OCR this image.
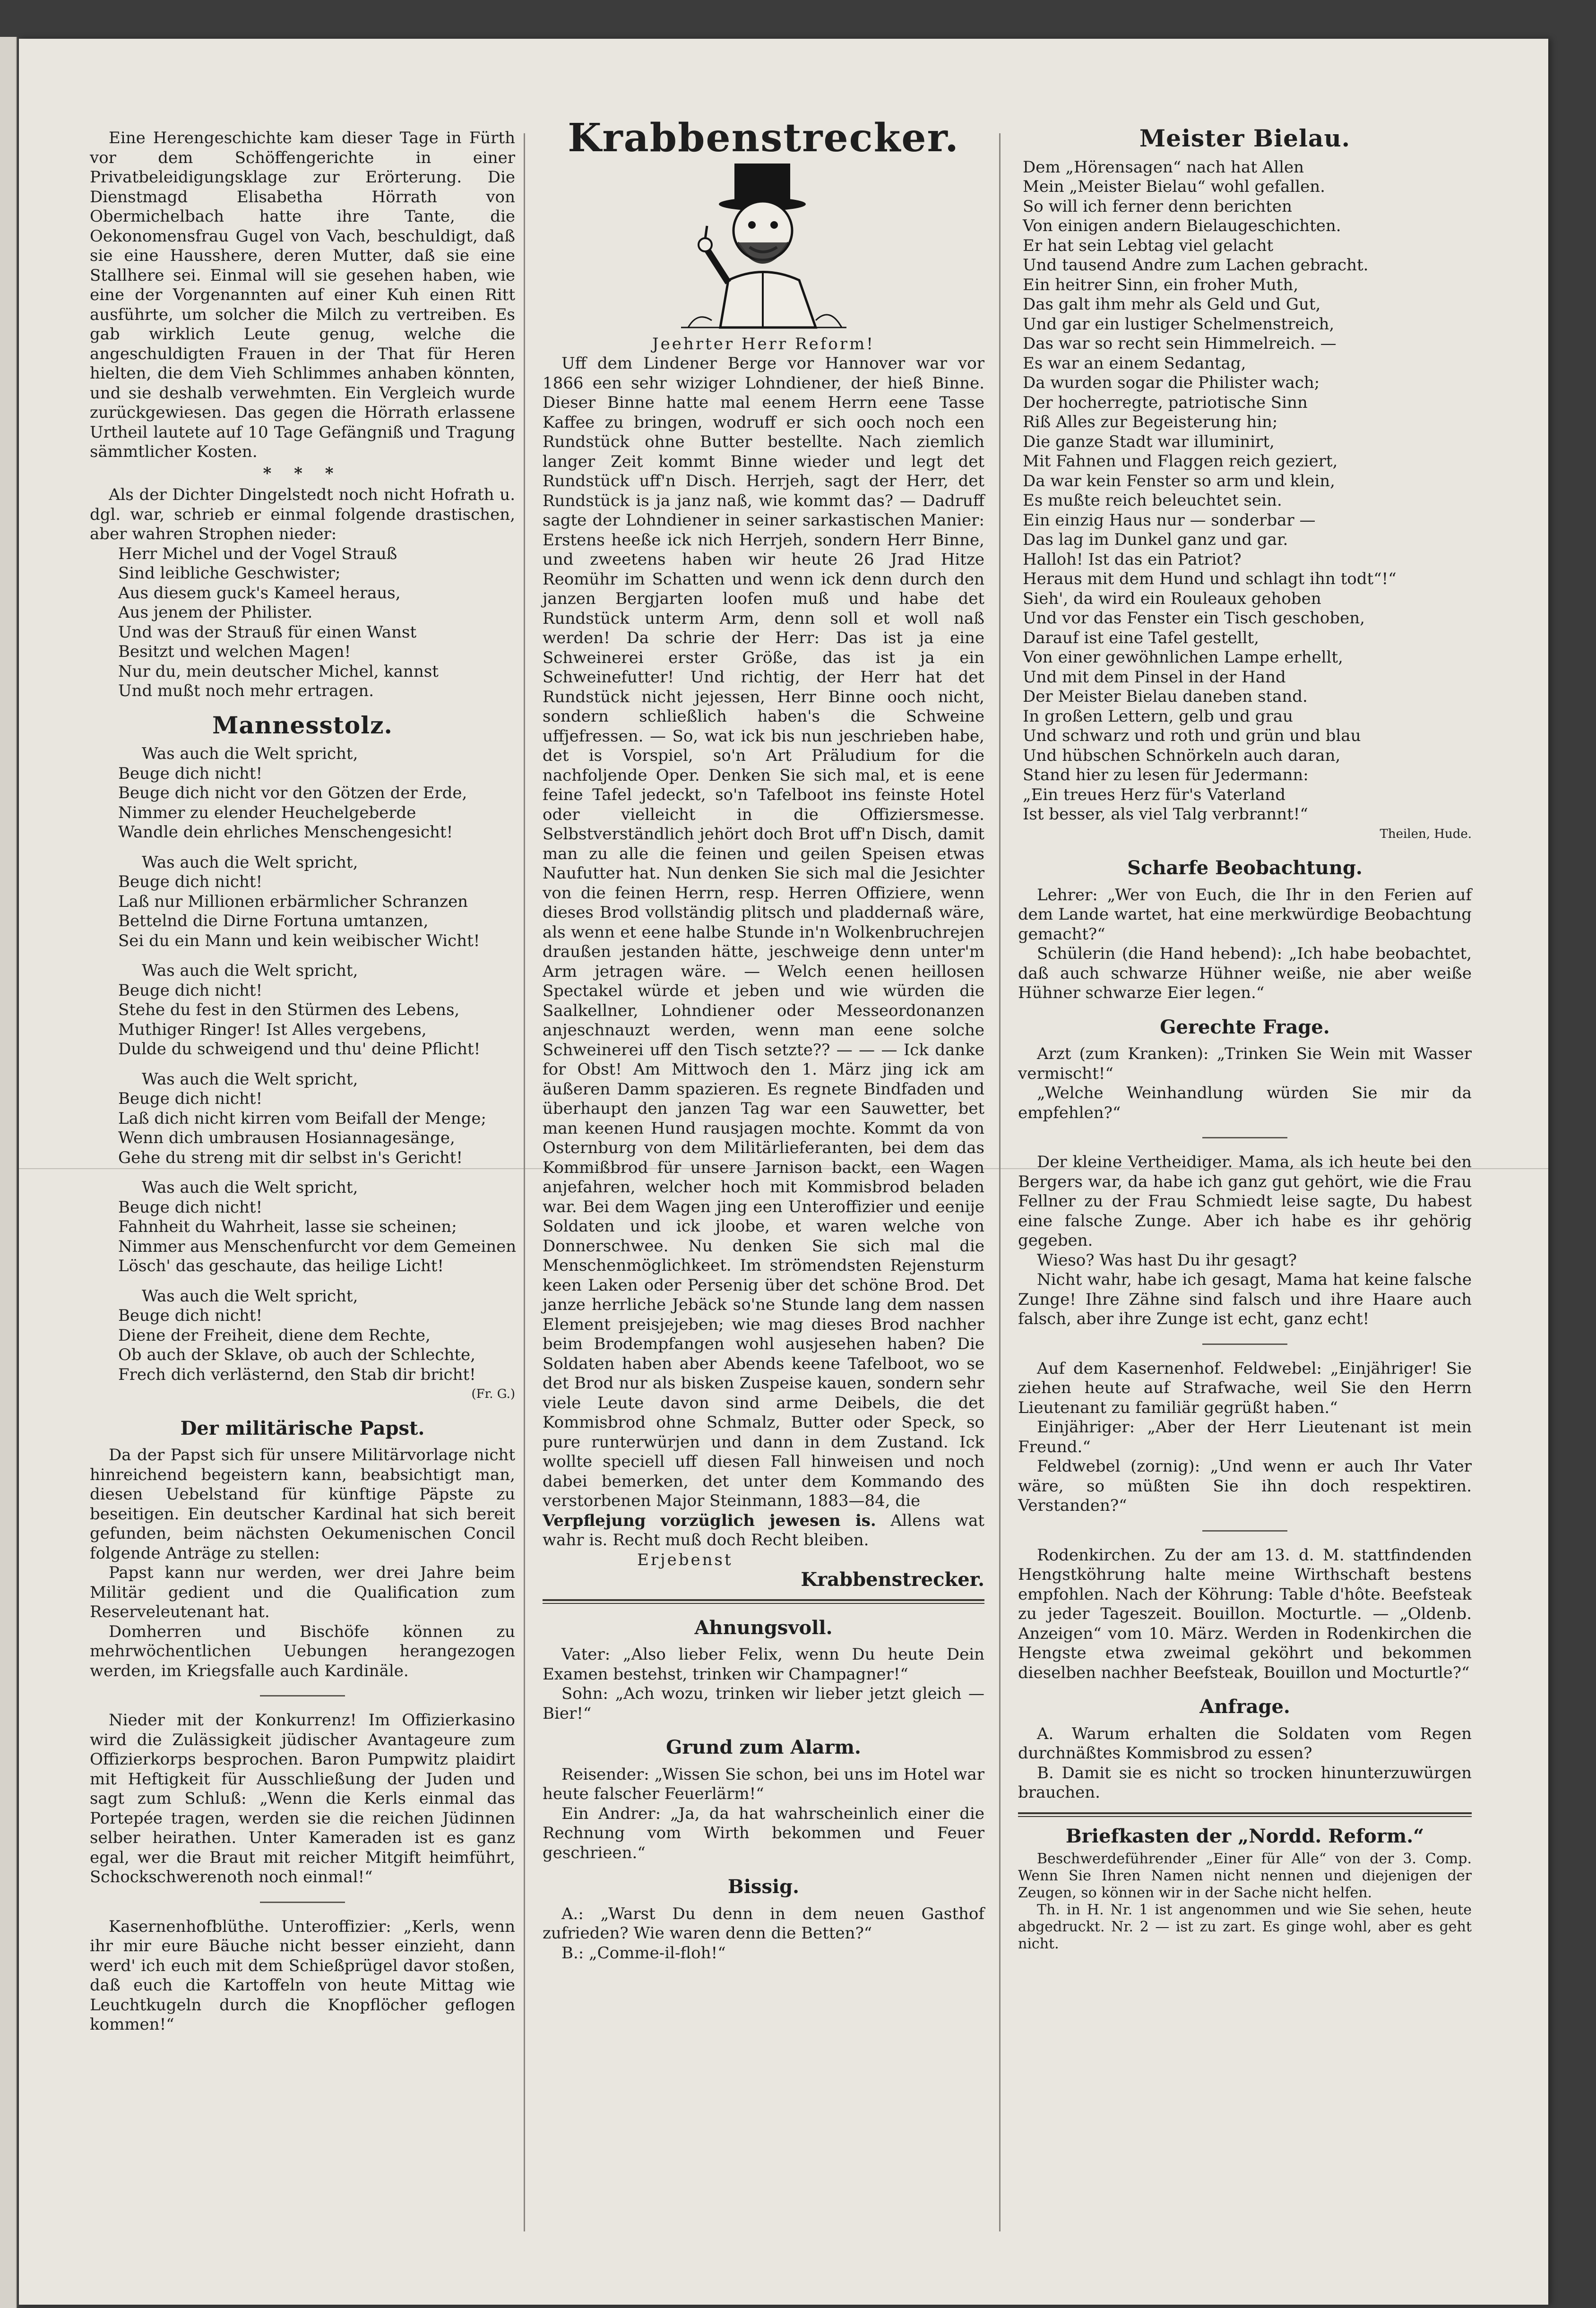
Eine Herengeschichte kam dieser Tage in Fürth vor dem Schöffengerichte in einer Privatbeleidigungsklage zur Erörterung. Die Dienstmagd Elisabetha Hörrath von Obermichelbach hatte ihre Tante, die Oekonomensfrau Gugel von Vach, beschuldigt, daß sie eine Hausshere, deren Mutter, daß sie eine Stallhere sei. Einmal will sie gesehen haben, wie eine der Vorgenannten auf einer Kuh einen Ritt ausführte, um solcher die Milch zu vertreiben. Es gab wirklich Leute genug, welche die angeschuldigten Frauen in der That für Heren hielten, die dem Vieh Schlimmes anhaben könnten, und sie deshalb verwehmten. Ein Vergleich wurde zurückgewiesen. Das gegen die Hörrath erlassene Urtheil lautete auf 10 Tage Gefängniß und Tragung sämmtlicher Kosten.

* * *

Als der Dichter Dingelstedt noch nicht Hofrath u. dgl. war, schrieb er einmal folgende drastischen, aber wahren Strophen nieder:

Herr Michel und der Vogel Strauß
Sind leibliche Geschwister;
Aus diesem guck's Kameel heraus,
Aus jenem der Philister.
Und was der Strauß für einen Wanst
Besitzt und welchen Magen!
Nur du, mein deutscher Michel, kannst
Und mußt noch mehr ertragen.
Mannesstolz.
Was auch die Welt spricht,
Beuge dich nicht!
Beuge dich nicht vor den Götzen der Erde,
Nimmer zu elender Heuchelgeberde
Wandle dein ehrliches Menschengesicht!
Was auch die Welt spricht,
Beuge dich nicht!
Laß nur Millionen erbärmlicher Schranzen
Bettelnd die Dirne Fortuna umtanzen,
Sei du ein Mann und kein weibischer Wicht!
Was auch die Welt spricht,
Beuge dich nicht!
Stehe du fest in den Stürmen des Lebens,
Muthiger Ringer! Ist Alles vergebens,
Dulde du schweigend und thu' deine Pflicht!
Was auch die Welt spricht,
Beuge dich nicht!
Laß dich nicht kirren vom Beifall der Menge;
Wenn dich umbrausen Hosiannagesänge,
Gehe du streng mit dir selbst in's Gericht!
Was auch die Welt spricht,
Beuge dich nicht!
Fahnheit du Wahrheit, lasse sie scheinen;
Nimmer aus Menschenfurcht vor dem Gemeinen
Lösch' das geschaute, das heilige Licht!
Was auch die Welt spricht,
Beuge dich nicht!
Diene der Freiheit, diene dem Rechte,
Ob auch der Sklave, ob auch der Schlechte,
Frech dich verlästernd, den Stab dir bricht!

(Fr. G.)

Der militärische Papst.

Da der Papst sich für unsere Militärvorlage nicht hinreichend begeistern kann, beabsichtigt man, diesen Uebelstand für künftige Päpste zu beseitigen. Ein deutscher Kardinal hat sich bereit gefunden, beim nächsten Oekumenischen Concil folgende Anträge zu stellen:

Papst kann nur werden, wer drei Jahre beim Militär gedient und die Qualification zum Reserveleutenant hat.

Domherren und Bischöfe können zu mehrwöchentlichen Uebungen herangezogen werden, im Kriegsfalle auch Kardinäle.

Nieder mit der Konkurrenz! Im Offizierkasino wird die Zulässigkeit jüdischer Avantageure zum Offizierkorps besprochen. Baron Pumpwitz plaidirt mit Heftigkeit für Ausschließung der Juden und sagt zum Schluß: „Wenn die Kerls einmal das Portepée tragen, werden sie die reichen Jüdinnen selber heirathen. Unter Kameraden ist es ganz egal, wer die Braut mit reicher Mitgift heimführt, Schockschwerenoth noch einmal!“

Kasernenhofblüthe. Unteroffizier: „Kerls, wenn ihr mir eure Bäuche nicht besser einzieht, dann werd' ich euch mit dem Schießprügel davor stoßen, daß euch die Kartoffeln von heute Mittag wie Leuchtkugeln durch die Knopflöcher geflogen kommen!“

Krabbenstrecker.

Jeehrter Herr Reform!

Uff dem Lindener Berge vor Hannover war vor 1866 een sehr wiziger Lohndiener, der hieß Binne. Dieser Binne hatte mal eenem Herrn eene Tasse Kaffee zu bringen, wodruff er sich ooch noch een Rundstück ohne Butter bestellte. Nach ziemlich langer Zeit kommt Binne wieder und legt det Rundstück uff'n Disch. Herrjeh, sagt der Herr, det Rundstück is ja janz naß, wie kommt das? — Dadruff sagte der Lohndiener in seiner sarkastischen Manier: Erstens heeße ick nich Herrjeh, sondern Herr Binne, und zweetens haben wir heute 26 Jrad Hitze Reomühr im Schatten und wenn ick denn durch den janzen Bergjarten loofen muß und habe det Rundstück unterm Arm, denn soll et woll naß werden! Da schrie der Herr: Das ist ja eine Schweinerei erster Größe, das ist ja ein Schweinefutter! Und richtig, der Herr hat det Rundstück nicht jejessen, Herr Binne ooch nicht, sondern schließlich haben's die Schweine uffjefressen. — So, wat ick bis nun jeschrieben habe, det is Vorspiel, so'n Art Präludium for die nachfoljende Oper. Denken Sie sich mal, et is eene feine Tafel jedeckt, so'n Tafelboot ins feinste Hotel oder vielleicht in die Offiziersmesse. Selbstverständlich jehört doch Brot uff'n Disch, damit man zu alle die feinen und geilen Speisen etwas Naufutter hat. Nun denken Sie sich mal die Jesichter von die feinen Herrn, resp. Herren Offiziere, wenn dieses Brod vollständig plitsch und pladdernaß wäre, als wenn et eene halbe Stunde in'n Wolkenbruchrejen draußen jestanden hätte, jeschweige denn unter'm Arm jetragen wäre. — Welch eenen heillosen Spectakel würde et jeben und wie würden die Saalkellner, Lohndiener oder Messeordonanzen anjeschnauzt werden, wenn man eene solche Schweinerei uff den Tisch setzte?? — — — Ick danke for Obst! Am Mittwoch den 1. März jing ick am äußeren Damm spazieren. Es regnete Bindfaden und überhaupt den janzen Tag war een Sauwetter, bet man keenen Hund rausjagen mochte. Kommt da von Osternburg von dem Militärlieferanten, bei dem das Kommißbrod für unsere Jarnison backt, een Wagen anjefahren, welcher hoch mit Kommisbrod beladen war. Bei dem Wagen jing een Unteroffizier und eenije Soldaten und ick jloobe, et waren welche von Donnerschwee. Nu denken Sie sich mal die Menschenmöglichkeet. Im strömendsten Rejensturm keen Laken oder Persenig über det schöne Brod. Det janze herrliche Jebäck so'ne Stunde lang dem nassen Element preisjejeben; wie mag dieses Brod nachher beim Brodempfangen wohl ausjesehen haben? Die Soldaten haben aber Abends keene Tafelboot, wo se det Brod nur als bisken Zuspeise kauen, sondern sehr viele Leute davon sind arme Deibels, die det Kommisbrod ohne Schmalz, Butter oder Speck, so pure runterwürjen und dann in dem Zustand. Ick wollte speciell uff diesen Fall hinweisen und noch dabei bemerken, det unter dem Kommando des verstorbenen Major Steinmann, 1883—84, die

Verpflejung vorzüglich jewesen is. Allens wat wahr is. Recht muß doch Recht bleiben.

Erjebenst

Krabbenstrecker.

Ahnungsvoll.

Vater: „Also lieber Felix, wenn Du heute Dein Examen bestehst, trinken wir Champagner!“

Sohn: „Ach wozu, trinken wir lieber jetzt gleich — Bier!“

Grund zum Alarm.

Reisender: „Wissen Sie schon, bei uns im Hotel war heute falscher Feuerlärm!“

Ein Andrer: „Ja, da hat wahrscheinlich einer die Rechnung vom Wirth bekommen und Feuer geschrieen.“

Bissig.

A.: „Warst Du denn in dem neuen Gasthof zufrieden? Wie waren denn die Betten?“

B.: „Comme-il-floh!“

Meister Bielau.
Dem „Hörensagen“ nach hat Allen
Mein „Meister Bielau“ wohl gefallen.
So will ich ferner denn berichten
Von einigen andern Bielaugeschichten.
Er hat sein Lebtag viel gelacht
Und tausend Andre zum Lachen gebracht.
Ein heitrer Sinn, ein froher Muth,
Das galt ihm mehr als Geld und Gut,
Und gar ein lustiger Schelmenstreich,
Das war so recht sein Himmelreich. —
Es war an einem Sedantag,
Da wurden sogar die Philister wach;
Der hocherregte, patriotische Sinn
Riß Alles zur Begeisterung hin;
Die ganze Stadt war illuminirt,
Mit Fahnen und Flaggen reich geziert,
Da war kein Fenster so arm und klein,
Es mußte reich beleuchtet sein.
Ein einzig Haus nur — sonderbar —
Das lag im Dunkel ganz und gar.
Halloh! Ist das ein Patriot?
Heraus mit dem Hund und schlagt ihn todt“!“
Sieh', da wird ein Rouleaux gehoben
Und vor das Fenster ein Tisch geschoben,
Darauf ist eine Tafel gestellt,
Von einer gewöhnlichen Lampe erhellt,
Und mit dem Pinsel in der Hand
Der Meister Bielau daneben stand.
In großen Lettern, gelb und grau
Und schwarz und roth und grün und blau
Und hübschen Schnörkeln auch daran,
Stand hier zu lesen für Jedermann:
„Ein treues Herz für's Vaterland
Ist besser, als viel Talg verbrannt!“

Theilen, Hude.

Scharfe Beobachtung.

Lehrer: „Wer von Euch, die Ihr in den Ferien auf dem Lande wartet, hat eine merkwürdige Beobachtung gemacht?“

Schülerin (die Hand hebend): „Ich habe beobachtet, daß auch schwarze Hühner weiße, nie aber weiße Hühner schwarze Eier legen.“

Gerechte Frage.

Arzt (zum Kranken): „Trinken Sie Wein mit Wasser vermischt!“

„Welche Weinhandlung würden Sie mir da empfehlen?“

Der kleine Vertheidiger. Mama, als ich heute bei den Bergers war, da habe ich ganz gut gehört, wie die Frau Fellner zu der Frau Schmiedt leise sagte, Du habest eine falsche Zunge. Aber ich habe es ihr gehörig gegeben.

Wieso? Was hast Du ihr gesagt?

Nicht wahr, habe ich gesagt, Mama hat keine falsche Zunge! Ihre Zähne sind falsch und ihre Haare auch falsch, aber ihre Zunge ist echt, ganz echt!

Auf dem Kasernenhof. Feldwebel: „Einjähriger! Sie ziehen heute auf Strafwache, weil Sie den Herrn Lieutenant zu familiär gegrüßt haben.“

Einjähriger: „Aber der Herr Lieutenant ist mein Freund.“

Feldwebel (zornig): „Und wenn er auch Ihr Vater wäre, so müßten Sie ihn doch respektiren. Verstanden?“

Rodenkirchen. Zu der am 13. d. M. stattfindenden Hengstköhrung halte meine Wirthschaft bestens empfohlen. Nach der Köhrung: Table d'hôte. Beefsteak zu jeder Tageszeit. Bouillon. Mocturtle. — „Oldenb. Anzeigen“ vom 10. März. Werden in Rodenkirchen die Hengste etwa zweimal geköhrt und bekommen dieselben nachher Beefsteak, Bouillon und Mocturtle?“

Anfrage.

A. Warum erhalten die Soldaten vom Regen durchnäßtes Kommisbrod zu essen?

B. Damit sie es nicht so trocken hinunterzuwürgen brauchen.

Briefkasten der „Nordd. Reform.“

Beschwerdeführender „Einer für Alle“ von der 3. Comp. Wenn Sie Ihren Namen nicht nennen und diejenigen der Zeugen, so können wir in der Sache nicht helfen.

Th. in H. Nr. 1 ist angenommen und wie Sie sehen, heute abgedruckt. Nr. 2 — ist zu zart. Es ginge wohl, aber es geht nicht.
